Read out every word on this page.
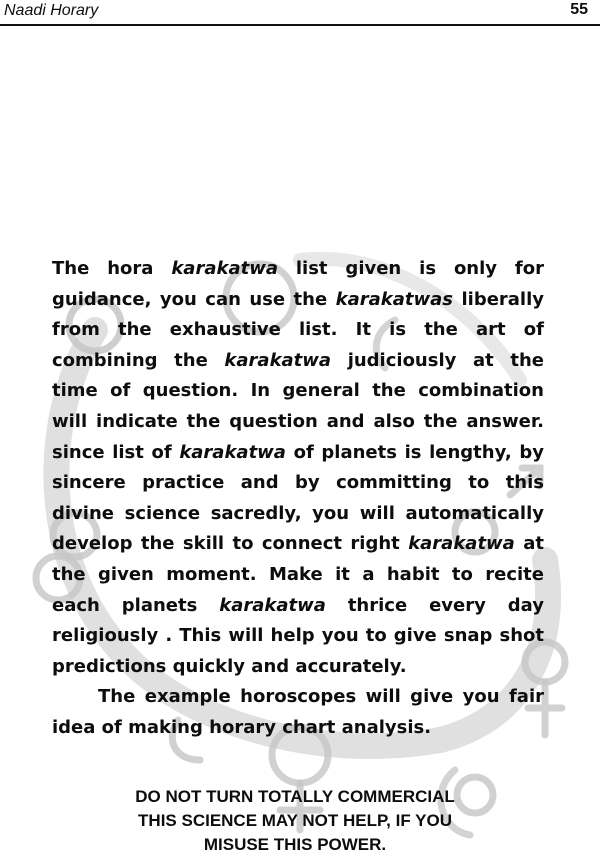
Naadi Horary	55

The hora karakatwa list given is only for guidance, you can use the karakatwas liberally from the exhaustive list. It is the art of combining the karakatwa judiciously at the time of question. In general the combination will indicate the question and also the answer. since list of karakatwa of planets is lengthy, by sincere practice and by committing to this divine science sacredly, you will automatically develop the skill to connect right karakatwa at the given moment. Make it a habit to recite each planets karakatwa thrice every day religiously . This will help you to give snap shot predictions quickly and accurately.

The example horoscopes will give you fair idea of making horary chart analysis.

DO NOT TURN TOTALLY COMMERCIAL
THIS SCIENCE MAY NOT HELP, IF YOU
MISUSE THIS POWER.
